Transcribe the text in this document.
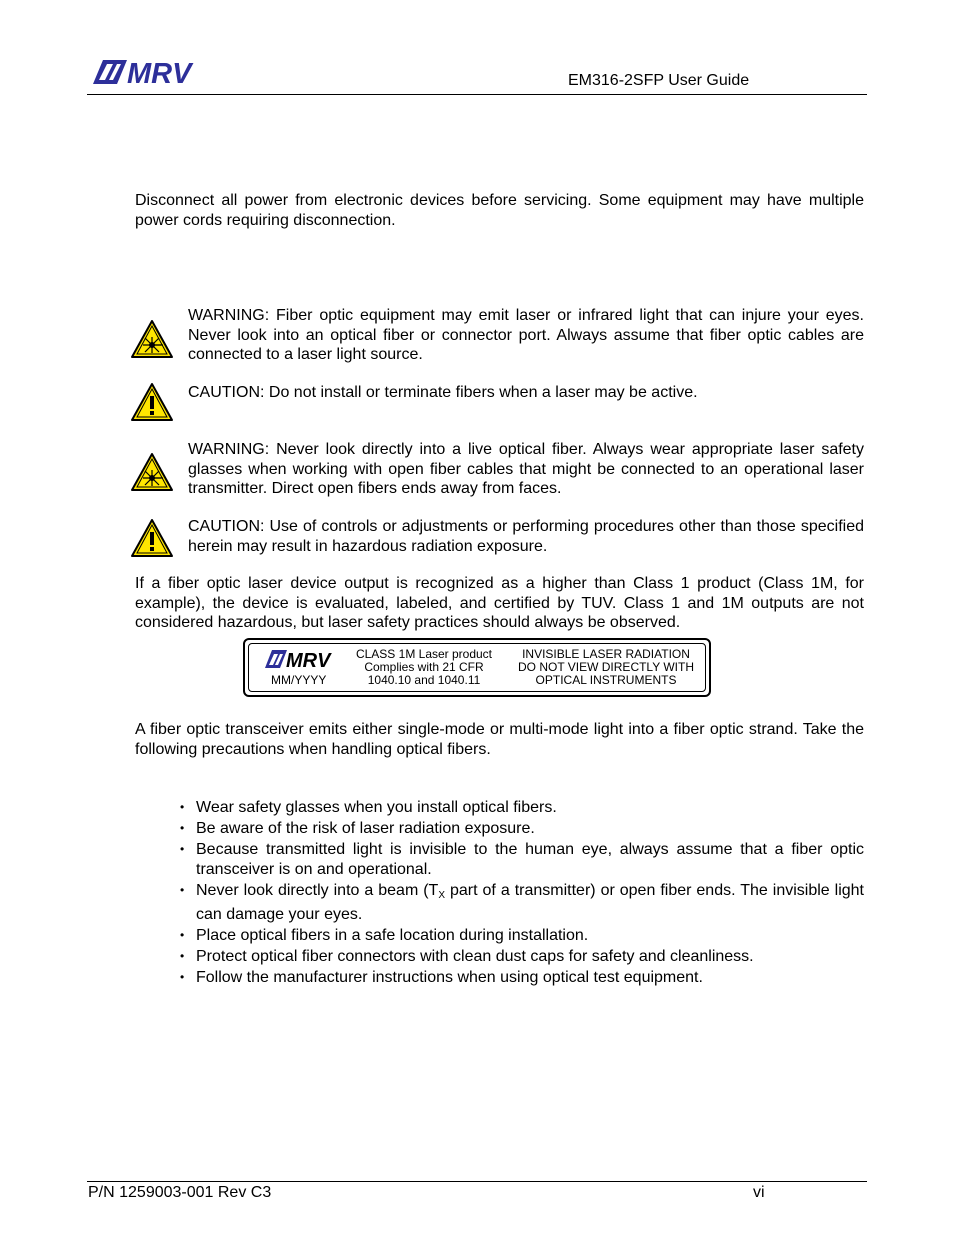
MRV	EM316-2SFP User Guide
Disconnect all power from electronic devices before servicing. Some equipment may have multiple power cords requiring disconnection.
WARNING: Fiber optic equipment may emit laser or infrared light that can injure your eyes. Never look into an optical fiber or connector port. Always assume that fiber optic cables are connected to a laser light source.
CAUTION: Do not install or terminate fibers when a laser may be active.
WARNING: Never look directly into a live optical fiber. Always wear appropriate laser safety glasses when working with open fiber cables that might be connected to an operational laser transmitter. Direct open fibers ends away from faces.
CAUTION: Use of controls or adjustments or performing procedures other than those specified herein may result in hazardous radiation exposure.
If a fiber optic laser device output is recognized as a higher than Class 1 product (Class 1M, for example), the device is evaluated, labeled, and certified by TUV. Class 1 and 1M outputs are not considered hazardous, but laser safety practices should always be observed.
MRV
MM/YYYY
CLASS 1M Laser product
Complies with 21 CFR
1040.10 and 1040.11
INVISIBLE LASER RADIATION
DO NOT VIEW DIRECTLY WITH
OPTICAL INSTRUMENTS
A fiber optic transceiver emits either single-mode or multi-mode light into a fiber optic strand. Take the following precautions when handling optical fibers.
• Wear safety glasses when you install optical fibers.
• Be aware of the risk of laser radiation exposure.
• Because transmitted light is invisible to the human eye, always assume that a fiber optic transceiver is on and operational.
• Never look directly into a beam ($T_X$ part of a transmitter) or open fiber ends. The invisible light can damage your eyes.
• Place optical fibers in a safe location during installation.
• Protect optical fiber connectors with clean dust caps for safety and cleanliness.
• Follow the manufacturer instructions when using optical test equipment.
P/N 1259003-001 Rev C3	vi
